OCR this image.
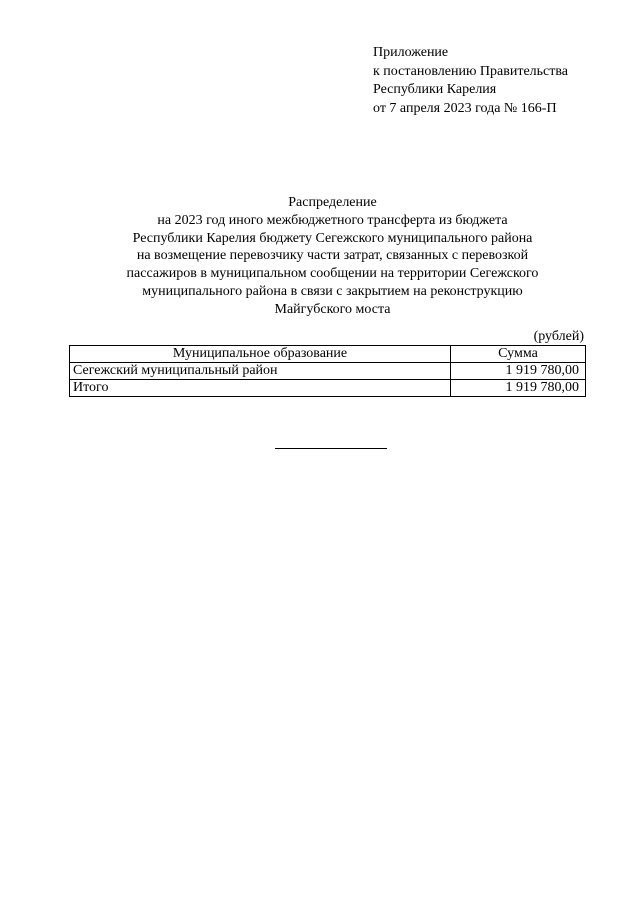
Приложение
к постановлению Правительства
Республики Карелия
от 7 апреля 2023 года № 166-П
Распределение
на 2023 год иного межбюджетного трансферта из бюджета
Республики Карелия бюджету Сегежского муниципального района
на возмещение перевозчику части затрат, связанных с перевозкой
пассажиров в муниципальном сообщении на территории Сегежского
муниципального района в связи с закрытием на реконструкцию
Майгубского моста
(рублей)
Муниципальное образование	Сумма
Сегежский муниципальный район	1 919 780,00
Итого	1 919 780,00
